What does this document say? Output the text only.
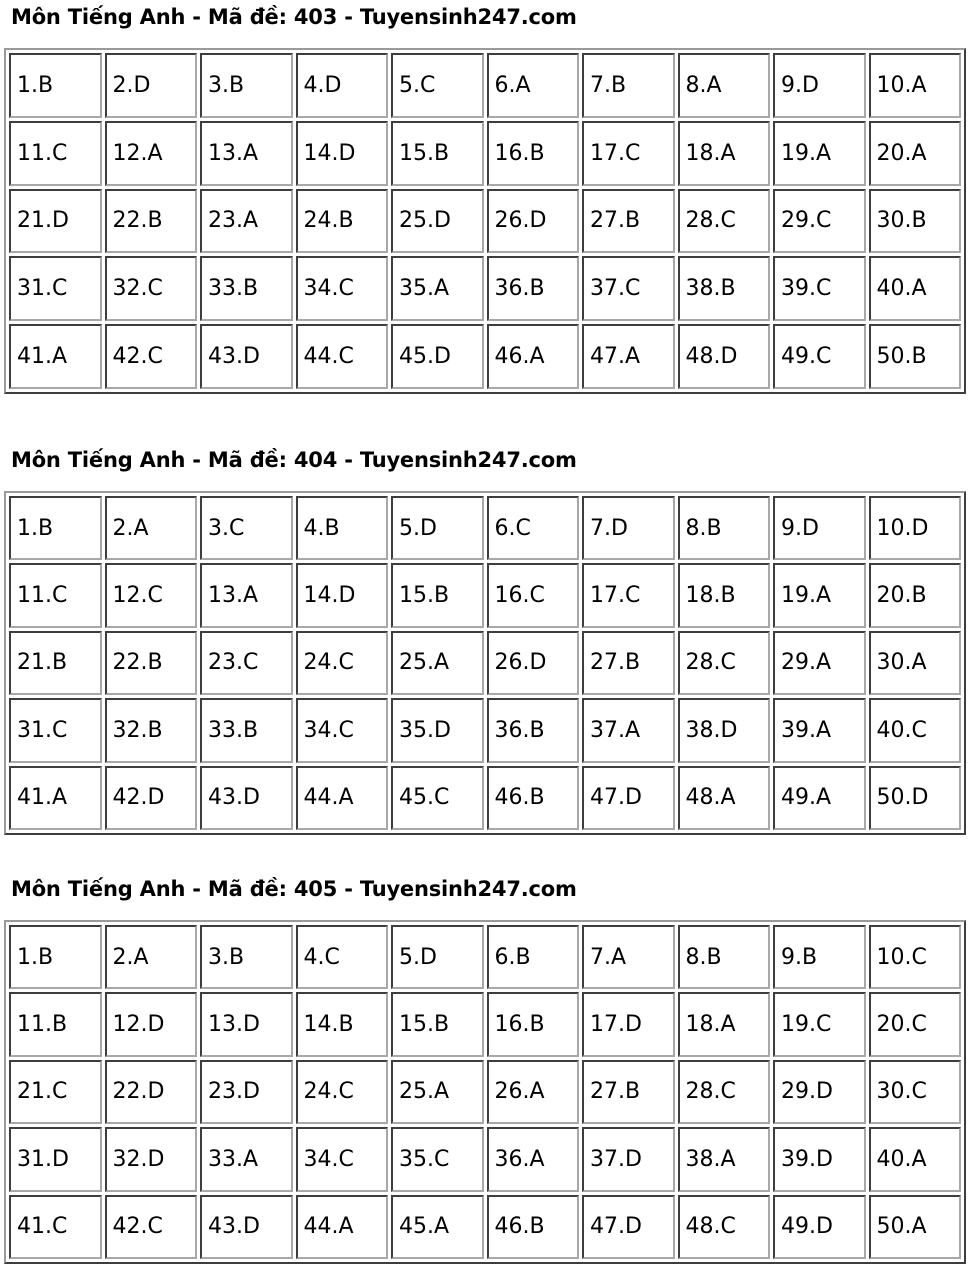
Môn Tiếng Anh - Mã đề: 403 - Tuyensinh247.com
1.B	2.D	3.B	4.D	5.C	6.A	7.B	8.A	9.D	10.A
11.C	12.A	13.A	14.D	15.B	16.B	17.C	18.A	19.A	20.A
21.D	22.B	23.A	24.B	25.D	26.D	27.B	28.C	29.C	30.B
31.C	32.C	33.B	34.C	35.A	36.B	37.C	38.B	39.C	40.A
41.A	42.C	43.D	44.C	45.D	46.A	47.A	48.D	49.C	50.B
Môn Tiếng Anh - Mã đề: 404 - Tuyensinh247.com
1.B	2.A	3.C	4.B	5.D	6.C	7.D	8.B	9.D	10.D
11.C	12.C	13.A	14.D	15.B	16.C	17.C	18.B	19.A	20.B
21.B	22.B	23.C	24.C	25.A	26.D	27.B	28.C	29.A	30.A
31.C	32.B	33.B	34.C	35.D	36.B	37.A	38.D	39.A	40.C
41.A	42.D	43.D	44.A	45.C	46.B	47.D	48.A	49.A	50.D
Môn Tiếng Anh - Mã đề: 405 - Tuyensinh247.com
1.B	2.A	3.B	4.C	5.D	6.B	7.A	8.B	9.B	10.C
11.B	12.D	13.D	14.B	15.B	16.B	17.D	18.A	19.C	20.C
21.C	22.D	23.D	24.C	25.A	26.A	27.B	28.C	29.D	30.C
31.D	32.D	33.A	34.C	35.C	36.A	37.D	38.A	39.D	40.A
41.C	42.C	43.D	44.A	45.A	46.B	47.D	48.C	49.D	50.A
